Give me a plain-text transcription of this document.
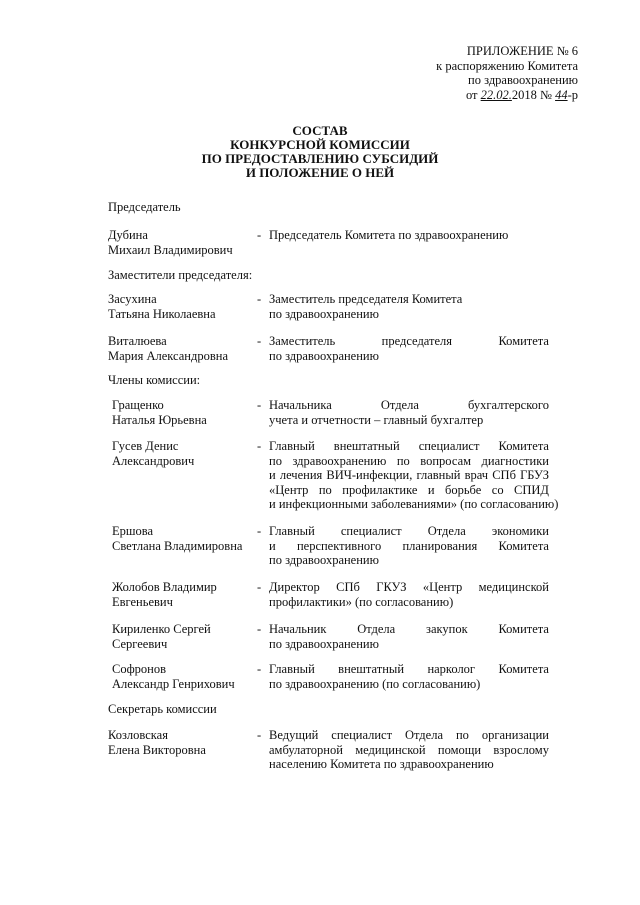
ПРИЛОЖЕНИЕ № 6
к распоряжению Комитета
по здравоохранению
от 22.02.2018 № 44-р
СОСТАВ
КОНКУРСНОЙ КОМИССИИ
ПО ПРЕДОСТАВЛЕНИЮ СУБСИДИЙ
И ПОЛОЖЕНИЕ О НЕЙ
Председатель
Дубина
Михаил Владимирович
- Председатель Комитета по здравоохранению
Заместители председателя:
Засухина
Татьяна Николаевна
- Заместитель председателя Комитета
по здравоохранению
Виталюева
Мария Александровна
- Заместитель	председателя	Комитета
по здравоохранению
Члены комиссии:
Гращенко
Наталья Юрьевна
- Начальника	Отдела	бухгалтерского
учета и отчетности – главный бухгалтер
Гусев Денис
Александрович
- Главный внештатный специалист Комитета
по здравоохранению по вопросам диагностики
и лечения ВИЧ-инфекции, главный врач СПб ГБУЗ
«Центр по профилактике и борьбе со СПИД
и инфекционными заболеваниями» (по согласованию)
Ершова
Светлана Владимировна
- Главный специалист Отдела экономики
и перспективного планирования Комитета
по здравоохранению
Жолобов Владимир
Евгеньевич
- Директор СПб ГКУЗ «Центр медицинской
профилактики» (по согласованию)
Кириленко Сергей
Сергеевич
- Начальник Отдела закупок Комитета
по здравоохранению
Софронов
Александр Генрихович
- Главный внештатный нарколог Комитета
по здравоохранению (по согласованию)
Секретарь комиссии
Козловская
Елена Викторовна
- Ведущий специалист Отдела по организации
амбулаторной медицинской помощи взрослому
населению Комитета по здравоохранению
